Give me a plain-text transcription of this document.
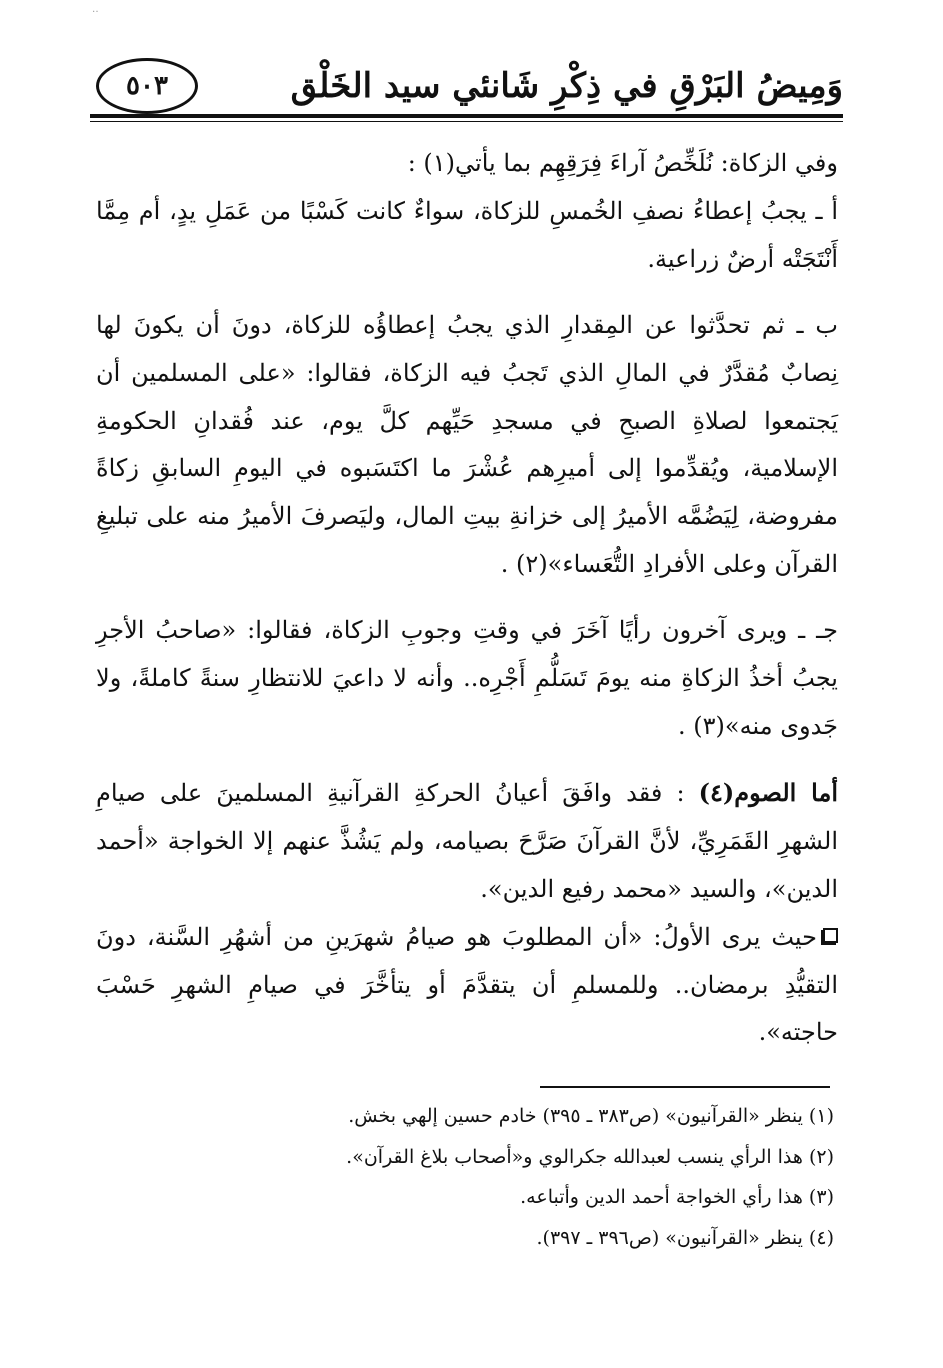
‥
وَمِيضُ البَرْقِ في ذِكْرِ شَانئي سيد الخَلْق
٥٠٣

وفي الزكاة: نُلَخِّصُ آراءَ فِرَقِهِم بما يأتي(١) :

أ ـ يجبُ إعطاءُ نصفِ الخُمسِ للزكاة، سواءٌ كانت كَسْبًا من عَمَلِ يدٍ، أم مِمَّا أَنْتَجَتْه أرضٌ زراعية.

ب ـ ثم تحدَّثوا عن المِقدارِ الذي يجبُ إعطاؤُه للزكاة، دونَ أن يكونَ لها نِصابٌ مُقدَّرٌ في المالِ الذي تَجبُ فيه الزكاة، فقالوا: «على المسلمين أن يَجتمعوا لصلاةِ الصبحِ في مسجدِ حَيِّهم كلَّ يوم، عند فُقدانِ الحكومةِ الإسلامية، ويُقدِّموا إلى أميرِهم عُشْرَ ما اكتَسَبوه في اليومِ السابقِ زكاةً مفروضة، لِيَضُمَّه الأميرُ إلى خزانةِ بيتِ المال، وليَصرفَ الأميرُ منه على تبليغِ القرآن وعلى الأفرادِ التُّعَساء»(٢) .

جـ ـ ويرى آخرون رأيًا آخَرَ في وقتِ وجوبِ الزكاة، فقالوا: «صاحبُ الأجرِ يجبُ أخذُ الزكاةِ منه يومَ تَسَلُّمِ أَجْرِه.. وأنه لا داعيَ للانتظارِ سنةً كاملةً، ولا جَدوى منه»(٣) .

أما الصوم(٤) : فقد وافَقَ أعيانُ الحركةِ القرآنيةِ المسلمينَ على صيامِ الشهرِ القَمَرِيِّ، لأنَّ القرآنَ صَرَّحَ بصيامه، ولم يَشُذَّ عنهم إلا الخواجة «أحمد الدين»، والسيد «محمد رفيع الدين».

حيث يرى الأولُ: «أن المطلوبَ هو صيامُ شهرَينِ من أشهُرِ السَّنة، دونَ التقيُّدِ برمضان.. وللمسلمِ أن يتقدَّمَ أو يتأخَّرَ في صيامِ الشهرِ حَسْبَ حاجته».

(١) ينظر «القرآنيون» (ص٣٨٣ ـ ٣٩٥) خادم حسين إلهي بخش.

(٢) هذا الرأي ينسب لعبدالله جكرالوي و«أصحاب بلاغ القرآن».

(٣) هذا رأي الخواجة أحمد الدين وأتباعه.

(٤) ينظر «القرآنيون» (ص٣٩٦ ـ ٣٩٧).
